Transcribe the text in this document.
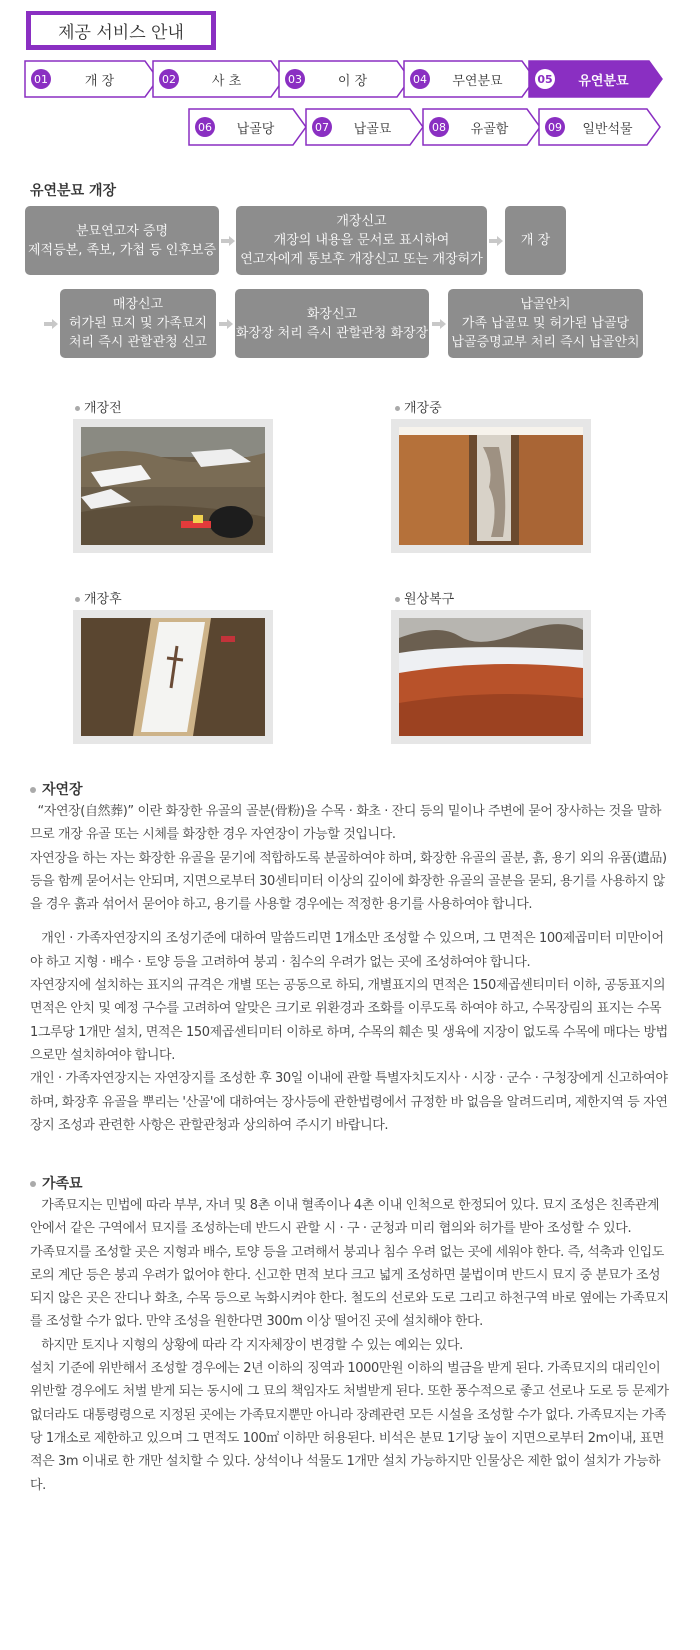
제공 서비스 안내
01	개 장	02	사 초	03	이 장	04	무연분묘	05	유연분묘
06	납골당	07	납골묘	08	유골함	09	일반석물
유연분묘 개장
분묘연고자 증명
제적등본, 족보, 가첩 등 인후보증
개장신고
개장의 내용을 문서로 표시하여
연고자에게 통보후 개장신고 또는 개장허가
개 장
매장신고
허가된 묘지 및 가족묘지
처리 즉시 관할관청 신고
화장신고
화장장 처리 즉시 관할관청 화장장
납골안치
가족 납골묘 및 허가된 납골당
납골증명교부 처리 즉시 납골안치
개장전	개장중
개장후	원상복구
자연장

“자연장(自然葬)” 이란 화장한 유골의 골분(骨粉)을 수목 · 화초 · 잔디 등의 밑이나 주변에 묻어 장사하는 것을 말하므로 개장 유골 또는 시체를 화장한 경우 자연장이 가능할 것입니다.

자연장을 하는 자는 화장한 유골을 묻기에 적합하도록 분골하여야 하며, 화장한 유골의 골분, 흙, 용기 외의 유품(遺品)등을 함께 묻어서는 안되며, 지면으로부터 30센티미터 이상의 깊이에 화장한 유골의 골분을 묻되, 용기를 사용하지 않을 경우 흙과 섞어서 묻어야 하고, 용기를 사용할 경우에는 적정한 용기를 사용하여야 합니다.

개인 · 가족자연장지의 조성기준에 대하여 말씀드리면 1개소만 조성할 수 있으며, 그 면적은 100제곱미터 미만이어야 하고 지형 · 배수 · 토양 등을 고려하여 붕괴 · 침수의 우려가 없는 곳에 조성하여야 합니다.

자연장지에 설치하는 표지의 규격은 개별 또는 공동으로 하되, 개별표지의 면적은 150제곱센티미터 이하, 공동표지의 면적은 안치 및 예정 구수를 고려하여 알맞은 크기로 위환경과 조화를 이루도록 하여야 하고, 수목장림의 표지는 수목 1그루당 1개만 설치, 면적은 150제곱센티미터 이하로 하며, 수목의 훼손 및 생육에 지장이 없도록 수목에 매다는 방법으로만 설치하여야 합니다.

개인 · 가족자연장지는 자연장지를 조성한 후 30일 이내에 관할 특별자치도지사 · 시장 · 군수 · 구청장에게 신고하여야 하며, 화장후 유골을 뿌리는 '산골'에 대하여는 장사등에 관한법령에서 규정한 바 없음을 알려드리며, 제한지역 등 자연장지 조성과 관련한 사항은 관할관청과 상의하여 주시기 바랍니다.

가족묘

가족묘지는 민법에 따라 부부, 자녀 및 8촌 이내 혈족이나 4촌 이내 인척으로 한정되어 있다. 묘지 조성은 친족관계 안에서 같은 구역에서 묘지를 조성하는데 반드시 관할 시 · 구 · 군청과 미리 협의와 허가를 받아 조성할 수 있다.

가족묘지를 조성할 곳은 지형과 배수, 토양 등을 고려해서 붕괴나 침수 우려 없는 곳에 세워야 한다. 즉, 석축과 인입도로의 계단 등은 붕괴 우려가 없어야 한다. 신고한 면적 보다 크고 넓게 조성하면 불법이며 반드시 묘지 중 분묘가 조성되지 않은 곳은 잔디나 화초, 수목 등으로 녹화시켜야 한다. 철도의 선로와 도로 그리고 하천구역 바로 옆에는 가족묘지를 조성할 수가 없다. 만약 조성을 원한다면 300m 이상 떨어진 곳에 설치해야 한다.

하지만 토지나 지형의 상황에 따라 각 지자체장이 변경할 수 있는 예외는 있다.

설치 기준에 위반해서 조성할 경우에는 2년 이하의 징역과 1000만원 이하의 벌금을 받게 된다. 가족묘지의 대리인이 위반할 경우에도 처벌 받게 되는 동시에 그 묘의 책임자도 처벌받게 된다. 또한 풍수적으로 좋고 선로나 도로 등 문제가 없더라도 대통령령으로 지정된 곳에는 가족묘지뿐만 아니라 장례관련 모든 시설을 조성할 수가 없다. 가족묘지는 가족당 1개소로 제한하고 있으며 그 면적도 100㎡ 이하만 허용된다. 비석은 분묘 1기당 높이 지면으로부터 2m이내, 표면적은 3m 이내로 한 개만 설치할 수 있다. 상석이나 석물도 1개만 설치 가능하지만 인물상은 제한 없이 설치가 가능하다.
